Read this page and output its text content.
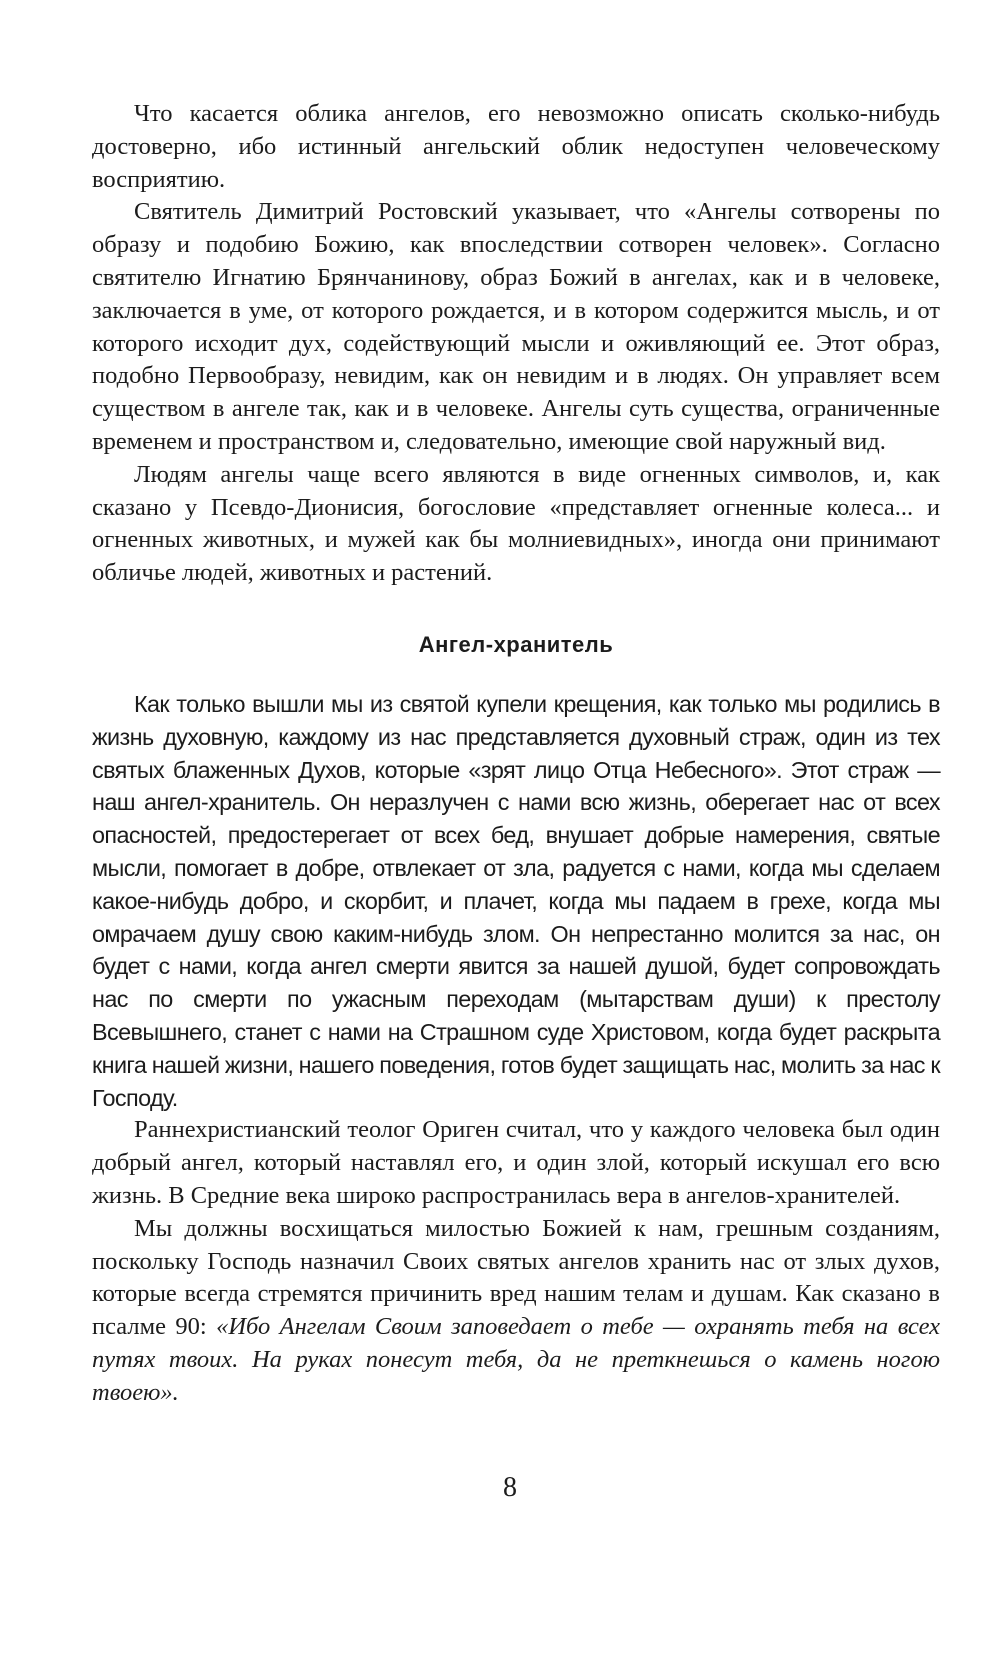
Что касается облика ангелов, его невозможно описать сколько-нибудь достоверно, ибо истинный ангельский облик недоступен человеческому восприятию.

Святитель Димитрий Ростовский указывает, что «Ангелы сотворены по образу и подобию Божию, как впоследствии сотворен человек». Согласно святителю Игнатию Брянчанинову, образ Божий в ангелах, как и в человеке, заключается в уме, от которого рождается, и в котором содержится мысль, и от которого исходит дух, содействующий мысли и оживляющий ее. Этот образ, подобно Первообразу, невидим, как он невидим и в людях. Он управляет всем существом в ангеле так, как и в человеке. Ангелы суть существа, ограниченные временем и пространством и, следовательно, имеющие свой наружный вид.

Людям ангелы чаще всего являются в виде огненных символов, и, как сказано у Псевдо-Дионисия, богословие «представляет огненные колеса... и огненных животных, и мужей как бы молниевидных», иногда они принимают обличье людей, животных и растений.

Ангел-хранитель

Как только вышли мы из святой купели крещения, как только мы родились в жизнь духовную, каждому из нас представляется духовный страж, один из тех святых блаженных Духов, которые «зрят лицо Отца Небесного». Этот страж — наш ангел-хранитель. Он неразлучен с нами всю жизнь, оберегает нас от всех опасностей, предостерегает от всех бед, внушает добрые намерения, святые мысли, помогает в добре, отвлекает от зла, радуется с нами, когда мы сделаем какое-нибудь добро, и скорбит, и плачет, когда мы падаем в грехе, когда мы омрачаем душу свою каким-нибудь злом. Он непрестанно молится за нас, он будет с нами, когда ангел смерти явится за нашей душой, будет сопровождать нас по смерти по ужасным переходам (мытарствам души) к престолу Всевышнего, станет с нами на Страшном суде Христовом, когда будет раскрыта книга нашей жизни, нашего поведения, готов будет защищать нас, молить за нас к Господу.

Раннехристианский теолог Ориген считал, что у каждого человека был один добрый ангел, который наставлял его, и один злой, который искушал его всю жизнь. В Средние века широко распространилась вера в ангелов-хранителей.

Мы должны восхищаться милостью Божией к нам, грешным созданиям, поскольку Господь назначил Своих святых ангелов хранить нас от злых духов, которые всегда стремятся причинить вред нашим телам и душам. Как сказано в псалме 90: «Ибо Ангелам Своим заповедает о тебе — охранять тебя на всех путях твоих. На руках понесут тебя, да не преткнешься о камень ногою твоею».

8
